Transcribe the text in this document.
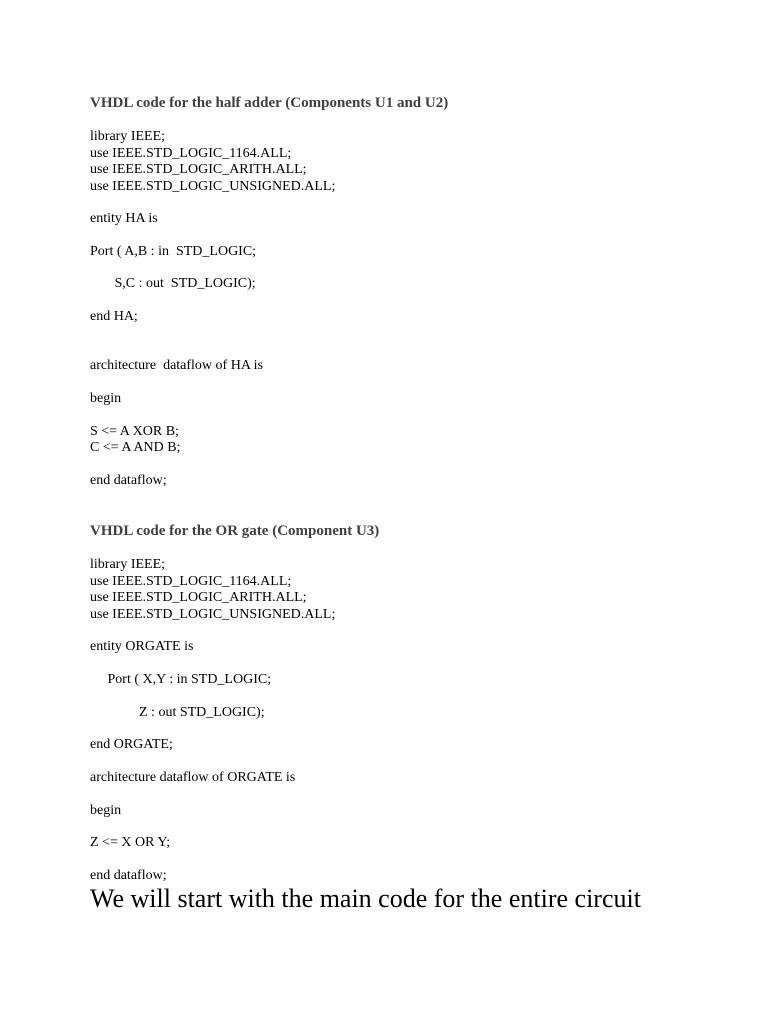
VHDL code for the half adder (Components U1 and U2)
library IEEE;
use IEEE.STD_LOGIC_1164.ALL;
use IEEE.STD_LOGIC_ARITH.ALL;
use IEEE.STD_LOGIC_UNSIGNED.ALL;
entity HA is
Port ( A,B : in  STD_LOGIC;
S,C : out  STD_LOGIC);
end HA;
architecture  dataflow of HA is
begin
S <= A XOR B;
C <= A AND B;
end dataflow;
VHDL code for the OR gate (Component U3)
library IEEE;
use IEEE.STD_LOGIC_1164.ALL;
use IEEE.STD_LOGIC_ARITH.ALL;
use IEEE.STD_LOGIC_UNSIGNED.ALL;
entity ORGATE is
Port ( X,Y : in STD_LOGIC;
Z : out STD_LOGIC);
end ORGATE;
architecture dataflow of ORGATE is
begin
Z <= X OR Y;
end dataflow;
We will start with the main code for the entire circuit
